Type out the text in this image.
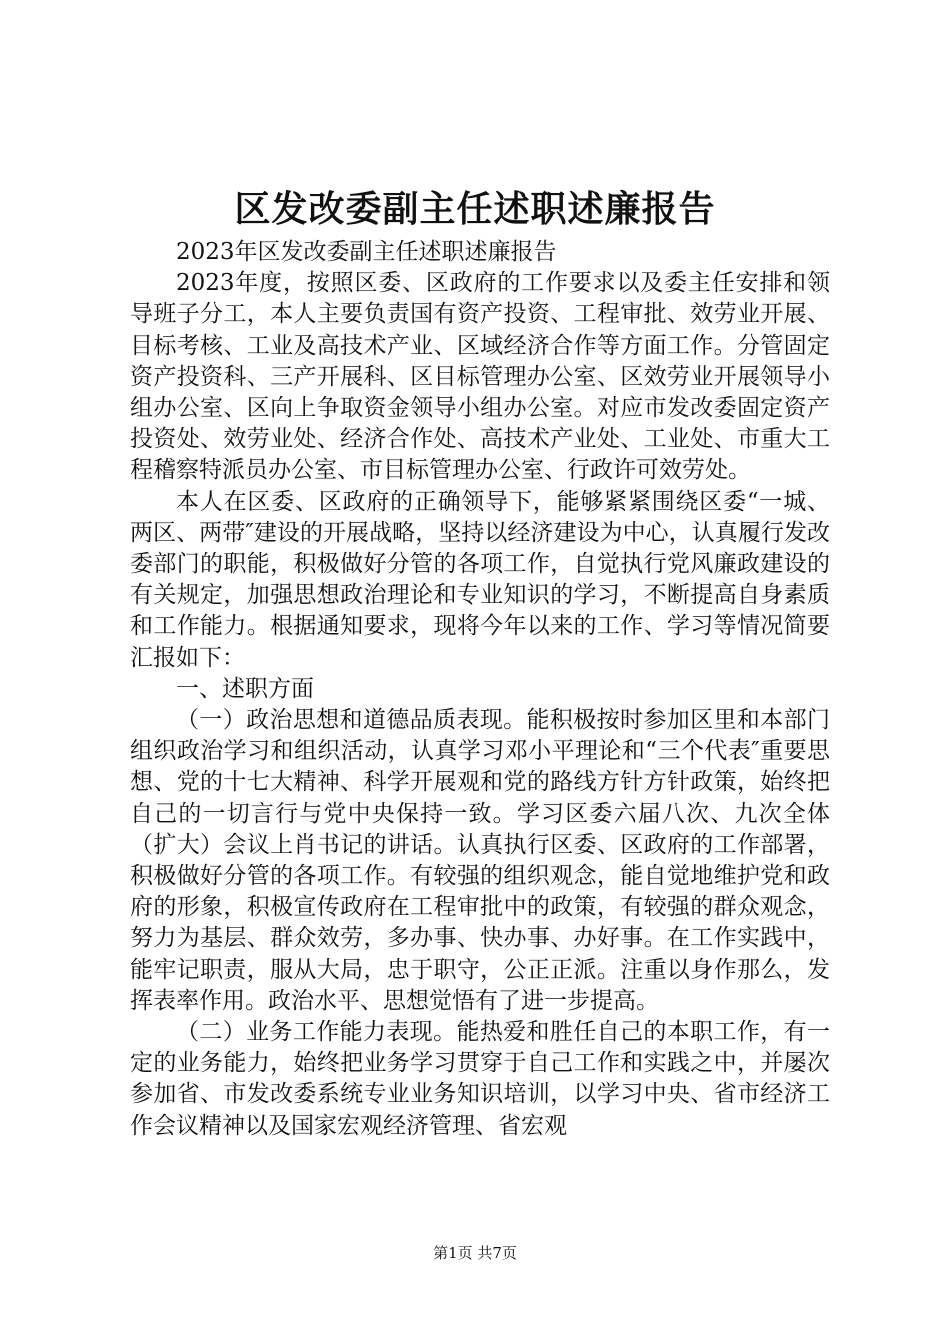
区发改委副主任述职述廉报告

2023年区发改委副主任述职述廉报告

2023年度，按照区委、区政府的工作要求以及委主任安排和领导班子分工，本人主要负责国有资产投资、工程审批、效劳业开展、目标考核、工业及高技术产业、区域经济合作等方面工作。分管固定资产投资科、三产开展科、区目标管理办公室、区效劳业开展领导小组办公室、区向上争取资金领导小组办公室。对应市发改委固定资产投资处、效劳业处、经济合作处、高技术产业处、工业处、市重大工程稽察特派员办公室、市目标管理办公室、行政许可效劳处。

本人在区委、区政府的正确领导下，能够紧紧围绕区委“一城、两区、两带″建设的开展战略，坚持以经济建设为中心，认真履行发改委部门的职能，积极做好分管的各项工作，自觉执行党风廉政建设的有关规定，加强思想政治理论和专业知识的学习，不断提高自身素质和工作能力。根据通知要求，现将今年以来的工作、学习等情况简要汇报如下：

一、述职方面

（一）政治思想和道德品质表现。能积极按时参加区里和本部门组织政治学习和组织活动，认真学习邓小平理论和“三个代表″重要思想、党的十七大精神、科学开展观和党的路线方针方针政策，始终把自己的一切言行与党中央保持一致。学习区委六届八次、九次全体（扩大）会议上肖书记的讲话。认真执行区委、区政府的工作部署，积极做好分管的各项工作。有较强的组织观念，能自觉地维护党和政府的形象，积极宣传政府在工程审批中的政策，有较强的群众观念，努力为基层、群众效劳，多办事、快办事、办好事。在工作实践中，能牢记职责，服从大局，忠于职守，公正正派。注重以身作那么，发挥表率作用。政治水平、思想觉悟有了进一步提高。

（二）业务工作能力表现。能热爱和胜任自己的本职工作，有一定的业务能力，始终把业务学习贯穿于自己工作和实践之中，并屡次参加省、市发改委系统专业业务知识培训，以学习中央、省市经济工作会议精神以及国家宏观经济管理、省宏观

第1页 共7页
